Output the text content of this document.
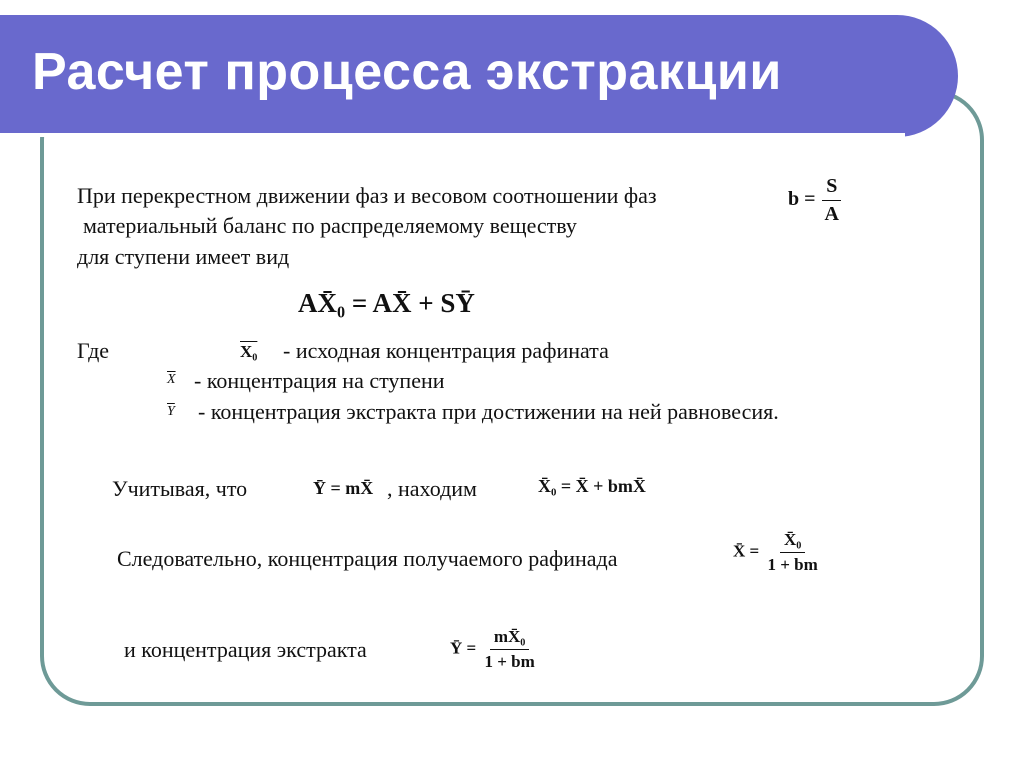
Расчет процесса экстракции
При перекрестном движении фаз и весовом соотношении фаз
материальный баланс по распределяемому веществу
для ступени имеет вид
$b = \frac{S}{A}$
AX̄₀ = AX̄ + SȲ
Где	X₀ - исходная концентрация рафината
$\overline{X}$ - концентрация на ступени
$\overline{Y}$ - концентрация экстракта при достижении на ней равновесия.
Учитывая, что	Ȳ = mX̄ , находим	X̄₀ = X̄ + bmX̄
Следовательно, концентрация получаемого рафинада	X̄ = $\frac{\text{X̄₀}}{1 + bm}$
и концентрация экстракта	Ȳ = $\frac{\text{mX̄₀}}{1 + bm}$
